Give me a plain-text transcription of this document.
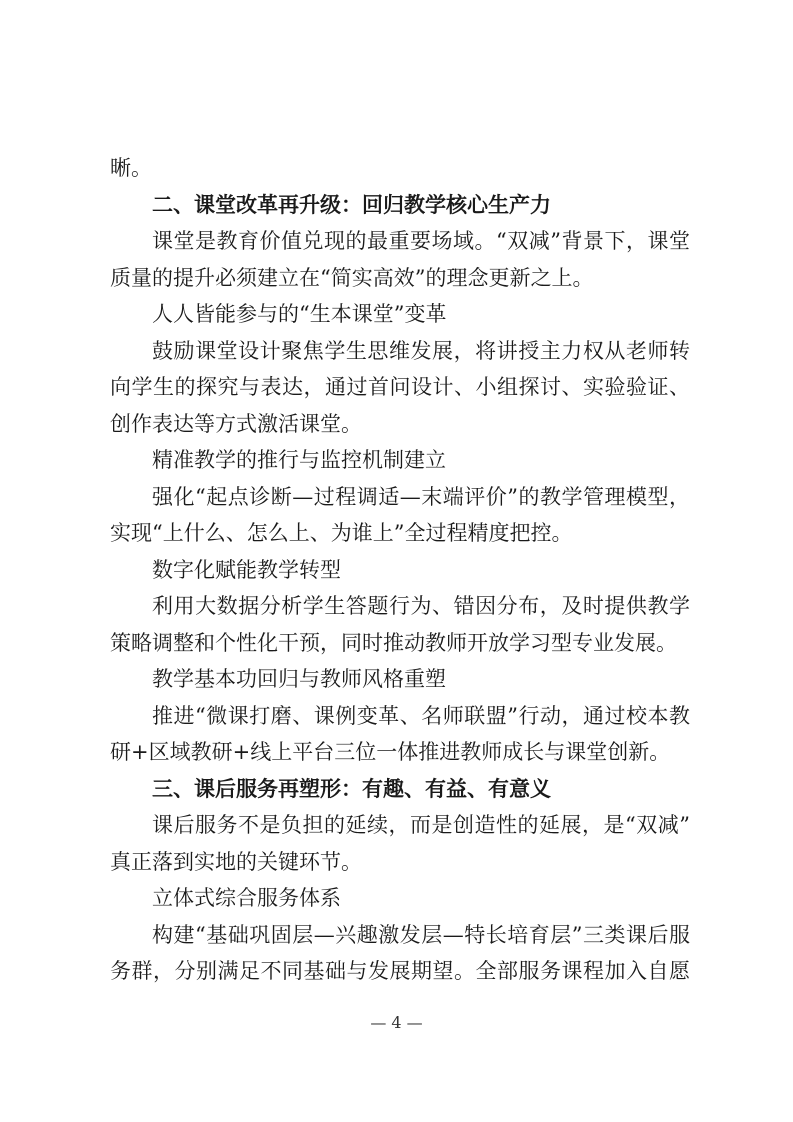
晰。
二、课堂改革再升级：回归教学核心生产力
课堂是教育价值兑现的最重要场域。“双减”背景下，课堂
质量的提升必须建立在“简实高效”的理念更新之上。
人人皆能参与的“生本课堂”变革
鼓励课堂设计聚焦学生思维发展，将讲授主力权从老师转
向学生的探究与表达，通过首问设计、小组探讨、实验验证、
创作表达等方式激活课堂。
精准教学的推行与监控机制建立
强化“起点诊断—过程调适—末端评价”的教学管理模型，
实现“上什么、怎么上、为谁上”全过程精度把控。
数字化赋能教学转型
利用大数据分析学生答题行为、错因分布，及时提供教学
策略调整和个性化干预，同时推动教师开放学习型专业发展。
教学基本功回归与教师风格重塑
推进“微课打磨、课例变革、名师联盟”行动，通过校本教
研+区域教研+线上平台三位一体推进教师成长与课堂创新。
三、课后服务再塑形：有趣、有益、有意义
课后服务不是负担的延续，而是创造性的延展，是“双减”
真正落到实地的关键环节。
立体式综合服务体系
构建“基础巩固层—兴趣激发层—特长培育层”三类课后服
务群，分别满足不同基础与发展期望。全部服务课程加入自愿
— 4 —
